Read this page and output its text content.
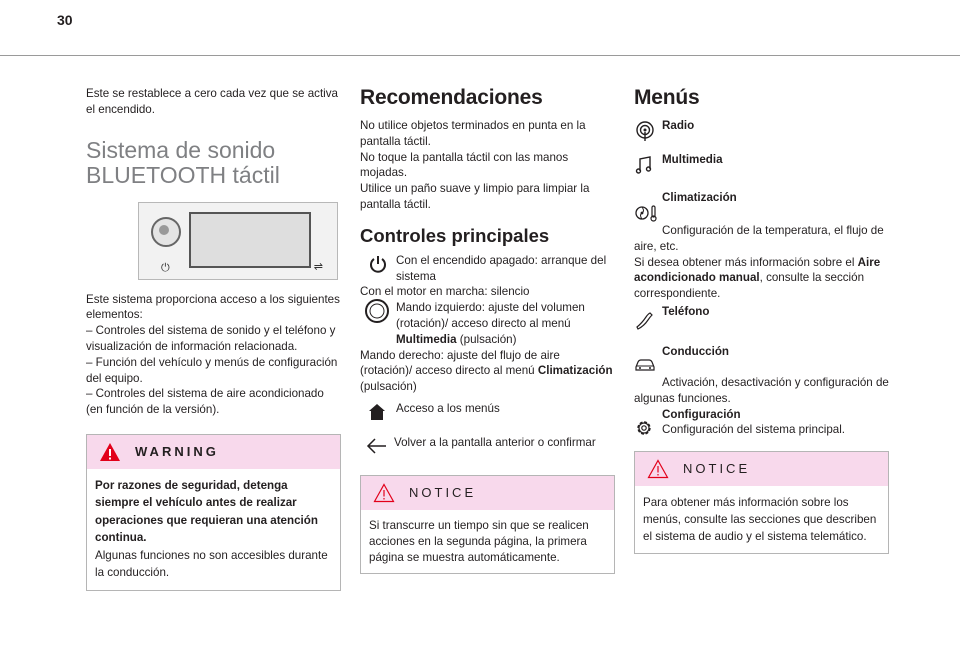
30

Este se restablece a cero cada vez que se activa el encendido.

Sistema de sonido
BLUETOOTH táctil
⏻	⇌

Este sistema proporciona acceso a los siguientes elementos:

– Controles del sistema de sonido y el teléfono y visualización de información relacionada.

– Función del vehículo y menús de configuración del equipo.

– Controles del sistema de aire acondicionado (en función de la versión).

WARNING

Por razones de seguridad, detenga siempre el vehículo antes de realizar operaciones que requieran una atención continua.

Algunas funciones no son accesibles durante la conducción.

Recomendaciones

No utilice objetos terminados en punta en la pantalla táctil.

No toque la pantalla táctil con las manos mojadas.

Utilice un paño suave y limpio para limpiar la pantalla táctil.

Controles principales

Con el encendido apagado: arranque del sistema

Con el motor en marcha: silencio

Mando izquierdo: ajuste del volumen (rotación)/ acceso directo al menú Multimedia (pulsación)

Mando derecho: ajuste del flujo de aire (rotación)/ acceso directo al menú Climatización (pulsación)

Acceso a los menús

Volver a la pantalla anterior o confirmar

NOTICE

Si transcurre un tiempo sin que se realicen acciones en la segunda página, la primera página se muestra automáticamente.

Menús
Radio
Multimedia
Climatización

Configuración de la temperatura, el flujo de aire, etc.

Si desea obtener más información sobre el Aire acondicionado manual, consulte la sección correspondiente.

Teléfono
Conducción

Activación, desactivación y configuración de algunas funciones.

Configuración

Configuración del sistema principal.

NOTICE

Para obtener más información sobre los menús, consulte las secciones que describen el sistema de audio y el sistema telemático.
